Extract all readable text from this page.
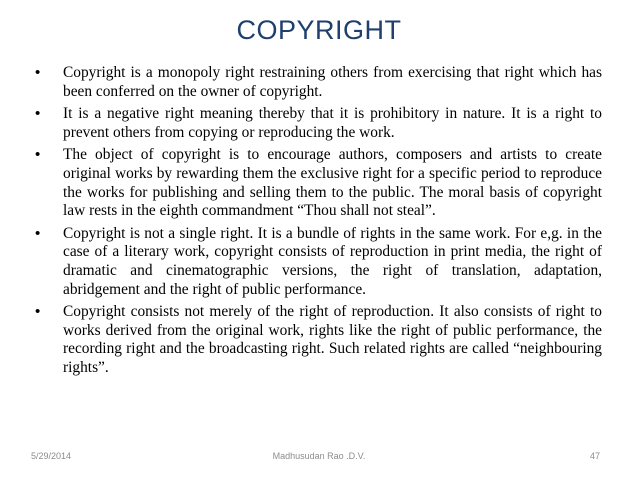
COPYRIGHT
• Copyright is a monopoly right restraining others from exercising that right which has been conferred on the owner of copyright.
• It is a negative right meaning thereby that it is prohibitory in nature. It is a right to prevent others from copying or reproducing the work.
• The object of copyright is to encourage authors, composers and artists to create original works by rewarding them the exclusive right for a specific period to reproduce the works for publishing and selling them to the public. The moral basis of copyright law rests in the eighth commandment “Thou shall not steal”.
• Copyright is not a single right. It is a bundle of rights in the same work. For e,g. in the case of a literary work, copyright consists of reproduction in print media, the right of dramatic and cinematographic versions, the right of translation, adaptation, abridgement and the right of public performance.
• Copyright consists not merely of the right of reproduction. It also consists of right to works derived from the original work, rights like the right of public performance, the recording right and the broadcasting right. Such related rights are called “neighbouring rights”.
5/29/2014	Madhusudan Rao .D.V.	47
